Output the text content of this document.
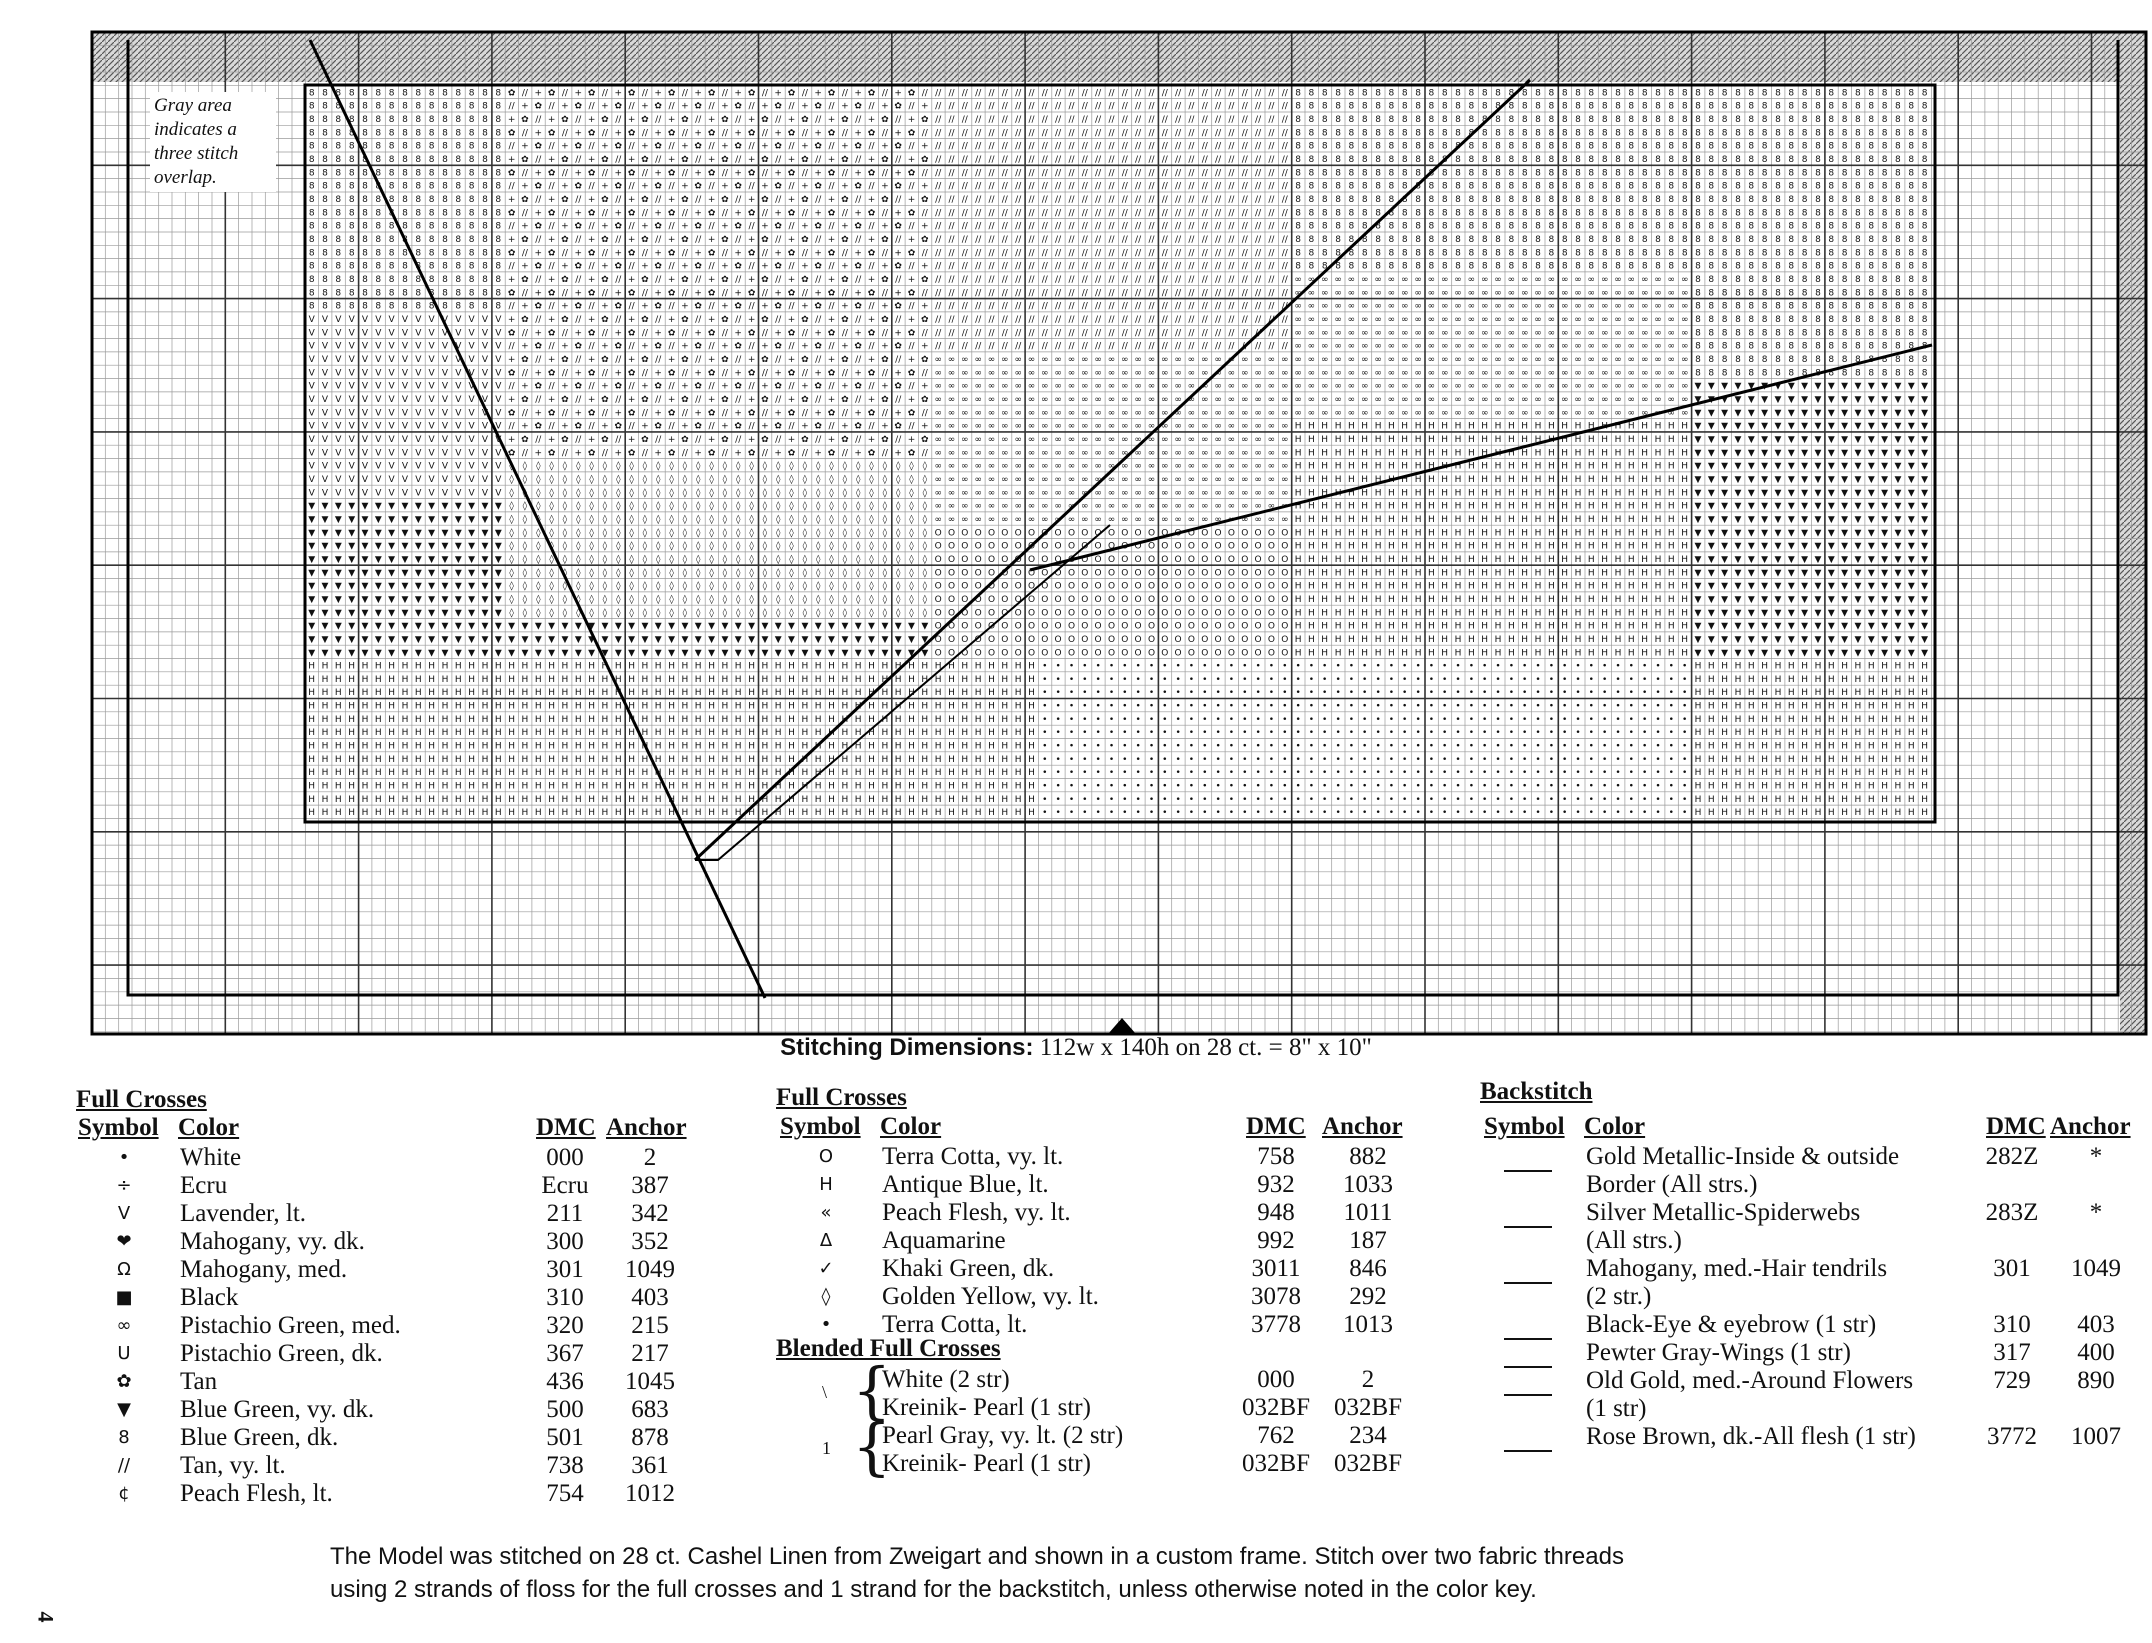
8 8 8 8 8 8 8 8 8 8 8 8 8 8 8 ✿ // + ✿ // + ✿ // + ✿ // + ✿ // + ✿ // + ✿ // + ✿ // + ✿ // + ✿ // + ✿ // // // // // // // // // // // // // // // // // // // // // // // // // // // // 8 8 8 8 8 8 8 8 8 8 8 8 8 8 8 8 8 8 8 8 8 8 8 8 8 8 8 8 8 8 8 8 8 8 8 8 8 8 8 8 8 8 8 8 8 8 8 8
8 8 8 8 8 8 8 8 8 8 8 8 8 8 8 // + ✿ // + ✿ // + ✿ // + ✿ // + ✿ // + ✿ // + ✿ // + ✿ // + ✿ // + ✿ // + // // // // // // // // // // // // // // // // // // // // // // // // // // // 8 8 8 8 8 8 8 8 8 8 8 8 8 8 8 8 8 8 8 8 8 8 8 8 8 8 8 8 8 8 8 8 8 8 8 8 8 8 8 8 8 8 8 8 8 8 8 8
8 8 8 8 8 8 8 8 8 8 8 8 8 8 8 + ✿ // + ✿ // + ✿ // + ✿ // + ✿ // + ✿ // + ✿ // + ✿ // + ✿ // + ✿ // + ✿ // // // // // // // // // // // // // // // // // // // // // // // // // // // 8 8 8 8 8 8 8 8 8 8 8 8 8 8 8 8 8 8 8 8 8 8 8 8 8 8 8 8 8 8 8 8 8 8 8 8 8 8 8 8 8 8 8 8 8 8 8 8
8 8 8 8 8 8 8 8 8 8 8 8 8 8 8 ✿ // + ✿ // + ✿ // + ✿ // + ✿ // + ✿ // + ✿ // + ✿ // + ✿ // + ✿ // + ✿ // // // // // // // // // // // // // // // // // // // // // // // // // // // // 8 8 8 8 8 8 8 8 8 8 8 8 8 8 8 8 8 8 8 8 8 8 8 8 8 8 8 8 8 8 8 8 8 8 8 8 8 8 8 8 8 8 8 8 8 8 8 8
8 8 8 8 8 8 8 8 8 8 8 8 8 8 8 // + ✿ // + ✿ // + ✿ // + ✿ // + ✿ // + ✿ // + ✿ // + ✿ // + ✿ // + ✿ // + // // // // // // // // // // // // // // // // // // // // // // // // // // // 8 8 8 8 8 8 8 8 8 8 8 8 8 8 8 8 8 8 8 8 8 8 8 8 8 8 8 8 8 8 8 8 8 8 8 8 8 8 8 8 8 8 8 8 8 8 8 8
8 8 8 8 8 8 8 8 8 8 8 8 8 8 8 + ✿ // + ✿ // + ✿ // + ✿ // + ✿ // + ✿ // + ✿ // + ✿ // + ✿ // + ✿ // + ✿ // // // // // // // // // // // // // // // // // // // // // // // // // // // 8 8 8 8 8 8 8 8 8 8 8 8 8 8 8 8 8 8 8 8 8 8 8 8 8 8 8 8 8 8 8 8 8 8 8 8 8 8 8 8 8 8 8 8 8 8 8 8
8 8 8 8 8 8 8 8 8 8 8 8 8 8 8 ✿ // + ✿ // + ✿ // + ✿ // + ✿ // + ✿ // + ✿ // + ✿ // + ✿ // + ✿ // + ✿ // // // // // // // // // // // // // // // // // // // // // // // // // // // // 8 8 8 8 8 8 8 8 8 8 8 8 8 8 8 8 8 8 8 8 8 8 8 8 8 8 8 8 8 8 8 8 8 8 8 8 8 8 8 8 8 8 8 8 8 8 8 8
8 8 8 8 8 8 8 8 8 8 8 8 8 8 8 // + ✿ // + ✿ // + ✿ // + ✿ // + ✿ // + ✿ // + ✿ // + ✿ // + ✿ // + ✿ // + // // // // // // // // // // // // // // // // // // // // // // // // // // // 8 8 8 8 8 8 8 8 8 8 8 8 8 8 8 8 8 8 8 8 8 8 8 8 8 8 8 8 8 8 8 8 8 8 8 8 8 8 8 8 8 8 8 8 8 8 8 8
8 8 8 8 8 8 8 8 8 8 8 8 8 8 8 + ✿ // + ✿ // + ✿ // + ✿ // + ✿ // + ✿ // + ✿ // + ✿ // + ✿ // + ✿ // + ✿ // // // // // // // // // // // // // // // // // // // // // // // // // // // 8 8 8 8 8 8 8 8 8 8 8 8 8 8 8 8 8 8 8 8 8 8 8 8 8 8 8 8 8 8 8 8 8 8 8 8 8 8 8 8 8 8 8 8 8 8 8 8
8 8 8 8 8 8 8 8 8 8 8 8 8 8 8 ✿ // + ✿ // + ✿ // + ✿ // + ✿ // + ✿ // + ✿ // + ✿ // + ✿ // + ✿ // + ✿ // // // // // // // // // // // // // // // // // // // // // // // // // // // // 8 8 8 8 8 8 8 8 8 8 8 8 8 8 8 8 8 8 8 8 8 8 8 8 8 8 8 8 8 8 8 8 8 8 8 8 8 8 8 8 8 8 8 8 8 8 8 8
8 8 8 8 8 8 8 8 8 8 8 8 8 8 8 // + ✿ // + ✿ // + ✿ // + ✿ // + ✿ // + ✿ // + ✿ // + ✿ // + ✿ // + ✿ // + // // // // // // // // // // // // // // // // // // // // // // // // // // // 8 8 8 8 8 8 8 8 8 8 8 8 8 8 8 8 8 8 8 8 8 8 8 8 8 8 8 8 8 8 8 8 8 8 8 8 8 8 8 8 8 8 8 8 8 8 8 8
8 8 8 8 8 8 8 8 8 8 8 8 8 8 8 + ✿ // + ✿ // + ✿ // + ✿ // + ✿ // + ✿ // + ✿ // + ✿ // + ✿ // + ✿ // + ✿ // // // // // // // // // // // // // // // // // // // // // // // // // // // 8 8 8 8 8 8 8 8 8 8 8 8 8 8 8 8 8 8 8 8 8 8 8 8 8 8 8 8 8 8 8 8 8 8 8 8 8 8 8 8 8 8 8 8 8 8 8 8
8 8 8 8 8 8 8 8 8 8 8 8 8 8 8 ✿ // + ✿ // + ✿ // + ✿ // + ✿ // + ✿ // + ✿ // + ✿ // + ✿ // + ✿ // + ✿ // // // // // // // // // // // // // // // // // // // // // // // // // // // // 8 8 8 8 8 8 8 8 8 8 8 8 8 8 8 8 8 8 8 8 8 8 8 8 8 8 8 8 8 8 8 8 8 8 8 8 8 8 8 8 8 8 8 8 8 8 8 8
8 8 8 8 8 8 8 8 8 8 8 8 8 8 8 // + ✿ // + ✿ // + ✿ // + ✿ // + ✿ // + ✿ // + ✿ // + ✿ // + ✿ // + ✿ // + // // // // // // // // // // // // // // // // // // // // // // // // // // // 8 8 8 8 8 8 8 8 8 8 8 8 8 8 8 8 8 8 8 8 8 8 8 8 8 8 8 8 8 8 8 8 8 8 8 8 8 8 8 8 8 8 8 8 8 8 8 8
8 8 8 8 8 8 8 8 8 8 8 8 8 8 8 + ✿ // + ✿ // + ✿ // + ✿ // + ✿ // + ✿ // + ✿ // + ✿ // + ✿ // + ✿ // + ✿ // // // // // // // // // // // // // // // // // // // // // // // // // // // ∞ ∞ ∞ ∞ ∞ ∞ ∞ ∞ ∞ ∞ ∞ ∞ ∞ ∞ ∞ ∞ ∞ ∞ ∞ ∞ ∞ ∞ ∞ ∞ ∞ ∞ ∞ ∞ ∞ ∞ 8 8 8 8 8 8 8 8 8 8 8 8 8 8 8 8 8 8
8 8 8 8 8 8 8 8 8 8 8 8 8 8 8 ✿ // + ✿ // + ✿ // + ✿ // + ✿ // + ✿ // + ✿ // + ✿ // + ✿ // + ✿ // + ✿ // // // // // // // // // // // // // // // // // // // // // // // // // // // // ∞ ∞ ∞ ∞ ∞ ∞ ∞ ∞ ∞ ∞ ∞ ∞ ∞ ∞ ∞ ∞ ∞ ∞ ∞ ∞ ∞ ∞ ∞ ∞ ∞ ∞ ∞ ∞ ∞ ∞ 8 8 8 8 8 8 8 8 8 8 8 8 8 8 8 8 8 8
8 8 8 8 8 8 8 8 8 8 8 8 8 8 8 // + ✿ // + ✿ // + ✿ // + ✿ // + ✿ // + ✿ // + ✿ // + ✿ // + ✿ // + ✿ // + // // // // // // // // // // // // // // // // // // // // // // // // // // // ∞ ∞ ∞ ∞ ∞ ∞ ∞ ∞ ∞ ∞ ∞ ∞ ∞ ∞ ∞ ∞ ∞ ∞ ∞ ∞ ∞ ∞ ∞ ∞ ∞ ∞ ∞ ∞ ∞ ∞ 8 8 8 8 8 8 8 8 8 8 8 8 8 8 8 8 8 8
V V V V V V V V V V V V V V V + ✿ // + ✿ // + ✿ // + ✿ // + ✿ // + ✿ // + ✿ // + ✿ // + ✿ // + ✿ // + ✿ // // // // // // // // // // // // // // // // // // // // // // // // // // // ∞ ∞ ∞ ∞ ∞ ∞ ∞ ∞ ∞ ∞ ∞ ∞ ∞ ∞ ∞ ∞ ∞ ∞ ∞ ∞ ∞ ∞ ∞ ∞ ∞ ∞ ∞ ∞ ∞ ∞ 8 8 8 8 8 8 8 8 8 8 8 8 8 8 8 8 8 8
V V V V V V V V V V V V V V V ✿ // + ✿ // + ✿ // + ✿ // + ✿ // + ✿ // + ✿ // + ✿ // + ✿ // + ✿ // + ✿ // // // // // // // // // // // // // // // // // // // // // // // // // // // // ∞ ∞ ∞ ∞ ∞ ∞ ∞ ∞ ∞ ∞ ∞ ∞ ∞ ∞ ∞ ∞ ∞ ∞ ∞ ∞ ∞ ∞ ∞ ∞ ∞ ∞ ∞ ∞ ∞ ∞ 8 8 8 8 8 8 8 8 8 8 8 8 8 8 8 8 8 8
V V V V V V V V V V V V V V V // + ✿ // + ✿ // + ✿ // + ✿ // + ✿ // + ✿ // + ✿ // + ✿ // + ✿ // + ✿ // + // // // // // // // // // // // // // // // // // // // // // // // // // // // ∞ ∞ ∞ ∞ ∞ ∞ ∞ ∞ ∞ ∞ ∞ ∞ ∞ ∞ ∞ ∞ ∞ ∞ ∞ ∞ ∞ ∞ ∞ ∞ ∞ ∞ ∞ ∞ ∞ ∞ 8 8 8 8 8 8 8 8 8 8 8 8 8 8 8 8 8 8
V V V V V V V V V V V V V V V + ✿ // + ✿ // + ✿ // + ✿ // + ✿ // + ✿ // + ✿ // + ✿ // + ✿ // + ✿ // + ✿ ∞ ∞ ∞ ∞ ∞ ∞ ∞ ∞ ∞ ∞ ∞ ∞ ∞ ∞ ∞ ∞ ∞ ∞ ∞ ∞ ∞ ∞ ∞ ∞ ∞ ∞ ∞ ∞ ∞ ∞ ∞ ∞ ∞ ∞ ∞ ∞ ∞ ∞ ∞ ∞ ∞ ∞ ∞ ∞ ∞ ∞ ∞ ∞ ∞ ∞ ∞ ∞ ∞ ∞ ∞ ∞ ∞ 8 8 8 8 8 8 8 8 8 8 8 8 8 8 8 8 8 8
V V V V V V V V V V V V V V V ✿ // + ✿ // + ✿ // + ✿ // + ✿ // + ✿ // + ✿ // + ✿ // + ✿ // + ✿ // + ✿ // ∞ ∞ ∞ ∞ ∞ ∞ ∞ ∞ ∞ ∞ ∞ ∞ ∞ ∞ ∞ ∞ ∞ ∞ ∞ ∞ ∞ ∞ ∞ ∞ ∞ ∞ ∞ ∞ ∞ ∞ ∞ ∞ ∞ ∞ ∞ ∞ ∞ ∞ ∞ ∞ ∞ ∞ ∞ ∞ ∞ ∞ ∞ ∞ ∞ ∞ ∞ ∞ ∞ ∞ ∞ ∞ ∞ 8 8 8 8 8 8 8 8 8 8 8 8 8 8 8 8 8 8
V V V V V V V V V V V V V V V // + ✿ // + ✿ // + ✿ // + ✿ // + ✿ // + ✿ // + ✿ // + ✿ // + ✿ // + ✿ // + ∞ ∞ ∞ ∞ ∞ ∞ ∞ ∞ ∞ ∞ ∞ ∞ ∞ ∞ ∞ ∞ ∞ ∞ ∞ ∞ ∞ ∞ ∞ ∞ ∞ ∞ ∞ ∞ ∞ ∞ ∞ ∞ ∞ ∞ ∞ ∞ ∞ ∞ ∞ ∞ ∞ ∞ ∞ ∞ ∞ ∞ ∞ ∞ ∞ ∞ ∞ ∞ ∞ ∞ ∞ ∞ ∞ ▼ ▼ ▼ ▼ ▼ ▼ ▼ ▼ ▼ ▼ ▼ ▼ ▼ ▼ ▼ ▼ ▼ ▼
V V V V V V V V V V V V V V V + ✿ // + ✿ // + ✿ // + ✿ // + ✿ // + ✿ // + ✿ // + ✿ // + ✿ // + ✿ // + ✿ ∞ ∞ ∞ ∞ ∞ ∞ ∞ ∞ ∞ ∞ ∞ ∞ ∞ ∞ ∞ ∞ ∞ ∞ ∞ ∞ ∞ ∞ ∞ ∞ ∞ ∞ ∞ ∞ ∞ ∞ ∞ ∞ ∞ ∞ ∞ ∞ ∞ ∞ ∞ ∞ ∞ ∞ ∞ ∞ ∞ ∞ ∞ ∞ ∞ ∞ ∞ ∞ ∞ ∞ ∞ ∞ ∞ ▼ ▼ ▼ ▼ ▼ ▼ ▼ ▼ ▼ ▼ ▼ ▼ ▼ ▼ ▼ ▼ ▼ ▼
V V V V V V V V V V V V V V V ✿ // + ✿ // + ✿ // + ✿ // + ✿ // + ✿ // + ✿ // + ✿ // + ✿ // + ✿ // + ✿ // ∞ ∞ ∞ ∞ ∞ ∞ ∞ ∞ ∞ ∞ ∞ ∞ ∞ ∞ ∞ ∞ ∞ ∞ ∞ ∞ ∞ ∞ ∞ ∞ ∞ ∞ ∞ ∞ ∞ ∞ ∞ ∞ ∞ ∞ ∞ ∞ ∞ ∞ ∞ ∞ ∞ ∞ ∞ ∞ ∞ ∞ ∞ ∞ ∞ ∞ ∞ ∞ ∞ ∞ ∞ ∞ ∞ ▼ ▼ ▼ ▼ ▼ ▼ ▼ ▼ ▼ ▼ ▼ ▼ ▼ ▼ ▼ ▼ ▼ ▼
V V V V V V V V V V V V V V V // + ✿ // + ✿ // + ✿ // + ✿ // + ✿ // + ✿ // + ✿ // + ✿ // + ✿ // + ✿ // + ∞ ∞ ∞ ∞ ∞ ∞ ∞ ∞ ∞ ∞ ∞ ∞ ∞ ∞ ∞ ∞ ∞ ∞ ∞ ∞ ∞ ∞ ∞ ∞ ∞ ∞ ∞ H H H H H H H H H H H H H H H H H H H H H H H H H H H H H H ▼ ▼ ▼ ▼ ▼ ▼ ▼ ▼ ▼ ▼ ▼ ▼ ▼ ▼ ▼ ▼ ▼ ▼
V V V V V V V V V V V V V V V + ✿ // + ✿ // + ✿ // + ✿ // + ✿ // + ✿ // + ✿ // + ✿ // + ✿ // + ✿ // + ✿ ∞ ∞ ∞ ∞ ∞ ∞ ∞ ∞ ∞ ∞ ∞ ∞ ∞ ∞ ∞ ∞ ∞ ∞ ∞ ∞ ∞ ∞ ∞ ∞ ∞ ∞ ∞ H H H H H H H H H H H H H H H H H H H H H H H H H H H H H H ▼ ▼ ▼ ▼ ▼ ▼ ▼ ▼ ▼ ▼ ▼ ▼ ▼ ▼ ▼ ▼ ▼ ▼
V V V V V V V V V V V V V V V ✿ // + ✿ // + ✿ // + ✿ // + ✿ // + ✿ // + ✿ // + ✿ // + ✿ // + ✿ // + ✿ // ∞ ∞ ∞ ∞ ∞ ∞ ∞ ∞ ∞ ∞ ∞ ∞ ∞ ∞ ∞ ∞ ∞ ∞ ∞ ∞ ∞ ∞ ∞ ∞ ∞ ∞ ∞ H H H H H H H H H H H H H H H H H H H H H H H H H H H H H H ▼ ▼ ▼ ▼ ▼ ▼ ▼ ▼ ▼ ▼ ▼ ▼ ▼ ▼ ▼ ▼ ▼ ▼
V V V V V V V V V V V V V V V ◊ ◊ ◊ ◊ ◊ ◊ ◊ ◊ ◊ ◊ ◊ ◊ ◊ ◊ ◊ ◊ ◊ ◊ ◊ ◊ ◊ ◊ ◊ ◊ ◊ ◊ ◊ ◊ ◊ ◊ ◊ ◊ ∞ ∞ ∞ ∞ ∞ ∞ ∞ ∞ ∞ ∞ ∞ ∞ ∞ ∞ ∞ ∞ ∞ ∞ ∞ ∞ ∞ ∞ ∞ ∞ ∞ ∞ ∞ H H H H H H H H H H H H H H H H H H H H H H H H H H H H H H ▼ ▼ ▼ ▼ ▼ ▼ ▼ ▼ ▼ ▼ ▼ ▼ ▼ ▼ ▼ ▼ ▼ ▼
V V V V V V V V V V V V V V V ◊ ◊ ◊ ◊ ◊ ◊ ◊ ◊ ◊ ◊ ◊ ◊ ◊ ◊ ◊ ◊ ◊ ◊ ◊ ◊ ◊ ◊ ◊ ◊ ◊ ◊ ◊ ◊ ◊ ◊ ◊ ◊ ∞ ∞ ∞ ∞ ∞ ∞ ∞ ∞ ∞ ∞ ∞ ∞ ∞ ∞ ∞ ∞ ∞ ∞ ∞ ∞ ∞ ∞ ∞ ∞ ∞ ∞ ∞ H H H H H H H H H H H H H H H H H H H H H H H H H H H H H H ▼ ▼ ▼ ▼ ▼ ▼ ▼ ▼ ▼ ▼ ▼ ▼ ▼ ▼ ▼ ▼ ▼ ▼
V V V V V V V V V V V V V V V ◊ ◊ ◊ ◊ ◊ ◊ ◊ ◊ ◊ ◊ ◊ ◊ ◊ ◊ ◊ ◊ ◊ ◊ ◊ ◊ ◊ ◊ ◊ ◊ ◊ ◊ ◊ ◊ ◊ ◊ ◊ ◊ ∞ ∞ ∞ ∞ ∞ ∞ ∞ ∞ ∞ ∞ ∞ ∞ ∞ ∞ ∞ ∞ ∞ ∞ ∞ ∞ ∞ ∞ ∞ ∞ ∞ ∞ ∞ H H H H H H H H H H H H H H H H H H H H H H H H H H H H H H ▼ ▼ ▼ ▼ ▼ ▼ ▼ ▼ ▼ ▼ ▼ ▼ ▼ ▼ ▼ ▼ ▼ ▼
▼ ▼ ▼ ▼ ▼ ▼ ▼ ▼ ▼ ▼ ▼ ▼ ▼ ▼ ▼ ◊ ◊ ◊ ◊ ◊ ◊ ◊ ◊ ◊ ◊ ◊ ◊ ◊ ◊ ◊ ◊ ◊ ◊ ◊ ◊ ◊ ◊ ◊ ◊ ◊ ◊ ◊ ◊ ◊ ◊ ◊ ◊ ∞ ∞ ∞ ∞ ∞ ∞ ∞ ∞ ∞ ∞ ∞ ∞ ∞ ∞ ∞ ∞ ∞ ∞ ∞ ∞ ∞ ∞ ∞ ∞ ∞ ∞ ∞ H H H H H H H H H H H H H H H H H H H H H H H H H H H H H H ▼ ▼ ▼ ▼ ▼ ▼ ▼ ▼ ▼ ▼ ▼ ▼ ▼ ▼ ▼ ▼ ▼ ▼
▼ ▼ ▼ ▼ ▼ ▼ ▼ ▼ ▼ ▼ ▼ ▼ ▼ ▼ ▼ ◊ ◊ ◊ ◊ ◊ ◊ ◊ ◊ ◊ ◊ ◊ ◊ ◊ ◊ ◊ ◊ ◊ ◊ ◊ ◊ ◊ ◊ ◊ ◊ ◊ ◊ ◊ ◊ ◊ ◊ ◊ ◊ ∞ ∞ ∞ ∞ ∞ ∞ ∞ ∞ ∞ ∞ ∞ ∞ ∞ ∞ ∞ ∞ ∞ ∞ ∞ ∞ ∞ ∞ ∞ ∞ ∞ ∞ ∞ H H H H H H H H H H H H H H H H H H H H H H H H H H H H H H ▼ ▼ ▼ ▼ ▼ ▼ ▼ ▼ ▼ ▼ ▼ ▼ ▼ ▼ ▼ ▼ ▼ ▼
▼ ▼ ▼ ▼ ▼ ▼ ▼ ▼ ▼ ▼ ▼ ▼ ▼ ▼ ▼ ◊ ◊ ◊ ◊ ◊ ◊ ◊ ◊ ◊ ◊ ◊ ◊ ◊ ◊ ◊ ◊ ◊ ◊ ◊ ◊ ◊ ◊ ◊ ◊ ◊ ◊ ◊ ◊ ◊ ◊ ◊ ◊ O O O O O O O O O O O O O O O O O O O O O O O O O O O H H H H H H H H H H H H H H H H H H H H H H H H H H H H H H ▼ ▼ ▼ ▼ ▼ ▼ ▼ ▼ ▼ ▼ ▼ ▼ ▼ ▼ ▼ ▼ ▼ ▼
▼ ▼ ▼ ▼ ▼ ▼ ▼ ▼ ▼ ▼ ▼ ▼ ▼ ▼ ▼ ◊ ◊ ◊ ◊ ◊ ◊ ◊ ◊ ◊ ◊ ◊ ◊ ◊ ◊ ◊ ◊ ◊ ◊ ◊ ◊ ◊ ◊ ◊ ◊ ◊ ◊ ◊ ◊ ◊ ◊ ◊ ◊ O O O O O O O O O O O O O O O O O O O O O O O O O O O H H H H H H H H H H H H H H H H H H H H H H H H H H H H H H ▼ ▼ ▼ ▼ ▼ ▼ ▼ ▼ ▼ ▼ ▼ ▼ ▼ ▼ ▼ ▼ ▼ ▼
▼ ▼ ▼ ▼ ▼ ▼ ▼ ▼ ▼ ▼ ▼ ▼ ▼ ▼ ▼ ◊ ◊ ◊ ◊ ◊ ◊ ◊ ◊ ◊ ◊ ◊ ◊ ◊ ◊ ◊ ◊ ◊ ◊ ◊ ◊ ◊ ◊ ◊ ◊ ◊ ◊ ◊ ◊ ◊ ◊ ◊ ◊ O O O O O O O O O O O O O O O O O O O O O O O O O O O H H H H H H H H H H H H H H H H H H H H H H H H H H H H H H ▼ ▼ ▼ ▼ ▼ ▼ ▼ ▼ ▼ ▼ ▼ ▼ ▼ ▼ ▼ ▼ ▼ ▼
▼ ▼ ▼ ▼ ▼ ▼ ▼ ▼ ▼ ▼ ▼ ▼ ▼ ▼ ▼ ◊ ◊ ◊ ◊ ◊ ◊ ◊ ◊ ◊ ◊ ◊ ◊ ◊ ◊ ◊ ◊ ◊ ◊ ◊ ◊ ◊ ◊ ◊ ◊ ◊ ◊ ◊ ◊ ◊ ◊ ◊ ◊ O O O O O O O O O O O O O O O O O O O O O O O O O O O H H H H H H H H H H H H H H H H H H H H H H H H H H H H H H ▼ ▼ ▼ ▼ ▼ ▼ ▼ ▼ ▼ ▼ ▼ ▼ ▼ ▼ ▼ ▼ ▼ ▼
▼ ▼ ▼ ▼ ▼ ▼ ▼ ▼ ▼ ▼ ▼ ▼ ▼ ▼ ▼ ◊ ◊ ◊ ◊ ◊ ◊ ◊ ◊ ◊ ◊ ◊ ◊ ◊ ◊ ◊ ◊ ◊ ◊ ◊ ◊ ◊ ◊ ◊ ◊ ◊ ◊ ◊ ◊ ◊ ◊ ◊ ◊ O O O O O O O O O O O O O O O O O O O O O O O O O O O H H H H H H H H H H H H H H H H H H H H H H H H H H H H H H ▼ ▼ ▼ ▼ ▼ ▼ ▼ ▼ ▼ ▼ ▼ ▼ ▼ ▼ ▼ ▼ ▼ ▼
▼ ▼ ▼ ▼ ▼ ▼ ▼ ▼ ▼ ▼ ▼ ▼ ▼ ▼ ▼ ◊ ◊ ◊ ◊ ◊ ◊ ◊ ◊ ◊ ◊ ◊ ◊ ◊ ◊ ◊ ◊ ◊ ◊ ◊ ◊ ◊ ◊ ◊ ◊ ◊ ◊ ◊ ◊ ◊ ◊ ◊ ◊ O O O O O O O O O O O O O O O O O O O O O O O O O O O H H H H H H H H H H H H H H H H H H H H H H H H H H H H H H ▼ ▼ ▼ ▼ ▼ ▼ ▼ ▼ ▼ ▼ ▼ ▼ ▼ ▼ ▼ ▼ ▼ ▼
▼ ▼ ▼ ▼ ▼ ▼ ▼ ▼ ▼ ▼ ▼ ▼ ▼ ▼ ▼ ◊ ◊ ◊ ◊ ◊ ◊ ◊ ◊ ◊ ◊ ◊ ◊ ◊ ◊ ◊ ◊ ◊ ◊ ◊ ◊ ◊ ◊ ◊ ◊ ◊ ◊ ◊ ◊ ◊ ◊ ◊ ◊ O O O O O O O O O O O O O O O O O O O O O O O O O O O H H H H H H H H H H H H H H H H H H H H H H H H H H H H H H ▼ ▼ ▼ ▼ ▼ ▼ ▼ ▼ ▼ ▼ ▼ ▼ ▼ ▼ ▼ ▼ ▼ ▼
▼ ▼ ▼ ▼ ▼ ▼ ▼ ▼ ▼ ▼ ▼ ▼ ▼ ▼ ▼ ▼ ▼ ▼ ▼ ▼ ▼ ▼ ▼ ▼ ▼ ▼ ▼ ▼ ▼ ▼ ▼ ▼ ▼ ▼ ▼ ▼ ▼ ▼ ▼ ▼ ▼ ▼ ▼ ▼ ▼ ▼ ▼ O O O O O O O O O O O O O O O O O O O O O O O O O O O H H H H H H H H H H H H H H H H H H H H H H H H H H H H H H ▼ ▼ ▼ ▼ ▼ ▼ ▼ ▼ ▼ ▼ ▼ ▼ ▼ ▼ ▼ ▼ ▼ ▼
▼ ▼ ▼ ▼ ▼ ▼ ▼ ▼ ▼ ▼ ▼ ▼ ▼ ▼ ▼ ▼ ▼ ▼ ▼ ▼ ▼ ▼ ▼ ▼ ▼ ▼ ▼ ▼ ▼ ▼ ▼ ▼ ▼ ▼ ▼ ▼ ▼ ▼ ▼ ▼ ▼ ▼ ▼ ▼ ▼ ▼ ▼ O O O O O O O O O O O O O O O O O O O O O O O O O O O H H H H H H H H H H H H H H H H H H H H H H H H H H H H H H ▼ ▼ ▼ ▼ ▼ ▼ ▼ ▼ ▼ ▼ ▼ ▼ ▼ ▼ ▼ ▼ ▼ ▼
▼ ▼ ▼ ▼ ▼ ▼ ▼ ▼ ▼ ▼ ▼ ▼ ▼ ▼ ▼ ▼ ▼ ▼ ▼ ▼ ▼ ▼ ▼ ▼ ▼ ▼ ▼ ▼ ▼ ▼ ▼ ▼ ▼ ▼ ▼ ▼ ▼ ▼ ▼ ▼ ▼ ▼ ▼ ▼ ▼ ▼ ▼ O O O O O O O O O O O O O O O O O O O O O O O O O O O H H H H H H H H H H H H H H H H H H H H H H H H H H H H H H ▼ ▼ ▼ ▼ ▼ ▼ ▼ ▼ ▼ ▼ ▼ ▼ ▼ ▼ ▼ ▼ ▼ ▼
H H H H H H H H H H H H H H H H H H H H H H H H H H H H H H H H H H H H H H H H H H H H H H H H H H H H H H H • • • • • • • • • • • • • • • • • • • • • • • • • • • • • • • • • • • • • • • • • • • • • • • • • H H H H H H H H H H H H H H H H H H
H H H H H H H H H H H H H H H H H H H H H H H H H H H H H H H H H H H H H H H H H H H H H H H H H H H H H H H • • • • • • • • • • • • • • • • • • • • • • • • • • • • • • • • • • • • • • • • • • • • • • • • • H H H H H H H H H H H H H H H H H H
H H H H H H H H H H H H H H H H H H H H H H H H H H H H H H H H H H H H H H H H H H H H H H H H H H H H H H H • • • • • • • • • • • • • • • • • • • • • • • • • • • • • • • • • • • • • • • • • • • • • • • • • H H H H H H H H H H H H H H H H H H
H H H H H H H H H H H H H H H H H H H H H H H H H H H H H H H H H H H H H H H H H H H H H H H H H H H H H H H • • • • • • • • • • • • • • • • • • • • • • • • • • • • • • • • • • • • • • • • • • • • • • • • • H H H H H H H H H H H H H H H H H H
H H H H H H H H H H H H H H H H H H H H H H H H H H H H H H H H H H H H H H H H H H H H H H H H H H H H H H H • • • • • • • • • • • • • • • • • • • • • • • • • • • • • • • • • • • • • • • • • • • • • • • • • H H H H H H H H H H H H H H H H H H
H H H H H H H H H H H H H H H H H H H H H H H H H H H H H H H H H H H H H H H H H H H H H H H H H H H H H H H • • • • • • • • • • • • • • • • • • • • • • • • • • • • • • • • • • • • • • • • • • • • • • • • • H H H H H H H H H H H H H H H H H H
H H H H H H H H H H H H H H H H H H H H H H H H H H H H H H H H H H H H H H H H H H H H H H H H H H H H H H H • • • • • • • • • • • • • • • • • • • • • • • • • • • • • • • • • • • • • • • • • • • • • • • • • H H H H H H H H H H H H H H H H H H
H H H H H H H H H H H H H H H H H H H H H H H H H H H H H H H H H H H H H H H H H H H H H H H H H H H H H H H • • • • • • • • • • • • • • • • • • • • • • • • • • • • • • • • • • • • • • • • • • • • • • • • • H H H H H H H H H H H H H H H H H H
H H H H H H H H H H H H H H H H H H H H H H H H H H H H H H H H H H H H H H H H H H H H H H H H H H H H H H H • • • • • • • • • • • • • • • • • • • • • • • • • • • • • • • • • • • • • • • • • • • • • • • • • H H H H H H H H H H H H H H H H H H
H H H H H H H H H H H H H H H H H H H H H H H H H H H H H H H H H H H H H H H H H H H H H H H H H H H H H H H • • • • • • • • • • • • • • • • • • • • • • • • • • • • • • • • • • • • • • • • • • • • • • • • • H H H H H H H H H H H H H H H H H H
H H H H H H H H H H H H H H H H H H H H H H H H H H H H H H H H H H H H H H H H H H H H H H H H H H H H H H H • • • • • • • • • • • • • • • • • • • • • • • • • • • • • • • • • • • • • • • • • • • • • • • • • H H H H H H H H H H H H H H H H H H
H H H H H H H H H H H H H H H H H H H H H H H H H H H H H H H H H H H H H H H H H H H H H H H H H H H H H H H • • • • • • • • • • • • • • • • • • • • • • • • • • • • • • • • • • • • • • • • • • • • • • • • • H H H H H H H H H H H H H H H H H H
Gray area indicates a three stitch overlap.
Stitching Dimensions: 112w x 140h on 28 ct. = 8" x 10"
Full Crosses
Symbol Color	DMC Anchor
•	White	000	2
÷	Ecru	Ecru	387
V	Lavender, lt.	211	342
❤	Mahogany, vy. dk.	300	352
Ω	Mahogany, med.	301	1049
■	Black	310	403
∞	Pistachio Green, med.	320	215
U	Pistachio Green, dk.	367	217
✿	Tan	436	1045
▼	Blue Green, vy. dk.	500	683
8	Blue Green, dk.	501	878
//	Tan, vy. lt.	738	361
¢	Peach Flesh, lt.	754	1012
Full Crosses
Symbol Color	DMC Anchor
O	Terra Cotta, vy. lt.	758	882
H	Antique Blue, lt.	932	1033
«	Peach Flesh, vy. lt.	948	1011
Δ	Aquamarine	992	187
✓	Khaki Green, dk.	3011	846
◊	Golden Yellow, vy. lt.	3078	292
•	Terra Cotta, lt.	3778	1013
Blended Full Crosses
\ {
White (2 str)	000	2
Kreinik- Pearl (1 str)	032BF 032BF
1 {
Pearl Gray, vy. lt. (2 str)	762	234
Kreinik- Pearl (1 str)	032BF 032BF
Backstitch
Symbol Color	DMC Anchor
Gold Metallic-Inside & outside	282Z	*
Border (All strs.)
Silver Metallic-Spiderwebs	283Z	*
(All strs.)
Mahogany, med.-Hair tendrils	301	1049
(2 str.)
Black-Eye & eyebrow (1 str)	310	403
Pewter Gray-Wings (1 str)	317	400
Old Gold, med.-Around Flowers	729	890
(1 str)
Rose Brown, dk.-All flesh (1 str)	3772	1007
The Model was stitched on 28 ct. Cashel Linen from Zweigart and shown in a custom frame. Stitch over two fabric threads
using 2 strands of floss for the full crosses and 1 strand for the backstitch, unless otherwise noted in the color key.
4
